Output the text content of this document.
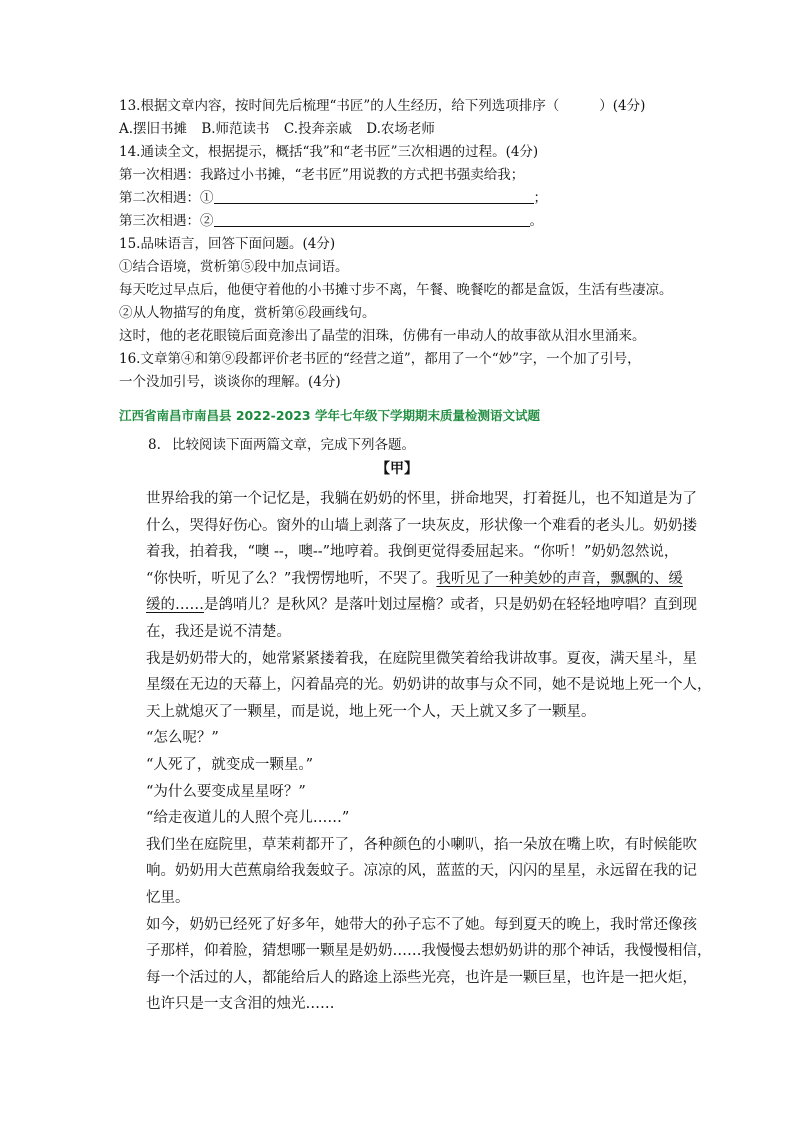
13.根据文章内容，按时间先后梳理“书匠”的人生经历，给下列选项排序（	）(4分)
A.摆旧书摊 B.师范读书 C.投奔亲戚 D.农场老师
14.通读全文，根据提示，概括“我”和“老书匠”三次相遇的过程。(4分)
第一次相遇：我路过小书摊，“老书匠”用说教的方式把书强卖给我；
第二次相遇：①	；
第三次相遇：②	。
15.品味语言，回答下面问题。(4分)
①结合语境，赏析第⑤段中加点词语。
每天吃过早点后，他便守着他的小书摊寸步不离，午餐、晚餐吃的都是盒饭，生活有些凄凉。
②从人物描写的角度，赏析第⑥段画线句。
这时，他的老花眼镜后面竟渗出了晶莹的泪珠，仿佛有一串动人的故事欲从泪水里涌来。
16.文章第④和第⑨段都评价老书匠的“经营之道”，都用了一个“妙”字，一个加了引号，
一个没加引号，谈谈你的理解。(4分)
江西省南昌市南昌县 2022-2023 学年七年级下学期期末质量检测语文试题
8. 比较阅读下面两篇文章，完成下列各题。
【甲】
世界给我的第一个记忆是，我躺在奶奶的怀里，拼命地哭，打着挺儿，也不知道是为了
什么，哭得好伤心。窗外的山墙上剥落了一块灰皮，形状像一个难看的老头儿。奶奶搂
着我，拍着我，“噢 --，噢--”地哼着。我倒更觉得委屈起来。“你听！”奶奶忽然说，
“你快听，听见了么？”我愣愣地听，不哭了。我听见了一种美妙的声音，飘飘的、缓
缓的……是鸽哨儿？是秋风？是落叶划过屋檐？或者，只是奶奶在轻轻地哼唱？直到现
在，我还是说不清楚。
我是奶奶带大的，她常紧紧搂着我，在庭院里微笑着给我讲故事。夏夜，满天星斗，星
星缀在无边的天幕上，闪着晶亮的光。奶奶讲的故事与众不同，她不是说地上死一个人，
天上就熄灭了一颗星，而是说，地上死一个人，天上就又多了一颗星。
“怎么呢？”
“人死了，就变成一颗星。”
“为什么要变成星星呀？”
“给走夜道儿的人照个亮儿……”
我们坐在庭院里，草茉莉都开了，各种颜色的小喇叭，掐一朵放在嘴上吹，有时候能吹
响。奶奶用大芭蕉扇给我轰蚊子。凉凉的风，蓝蓝的天，闪闪的星星，永远留在我的记
忆里。
如今，奶奶已经死了好多年，她带大的孙子忘不了她。每到夏天的晚上，我时常还像孩
子那样，仰着脸，猜想哪一颗星是奶奶……我慢慢去想奶奶讲的那个神话，我慢慢相信，
每一个活过的人，都能给后人的路途上添些光亮，也许是一颗巨星，也许是一把火炬，
也许只是一支含泪的烛光……
